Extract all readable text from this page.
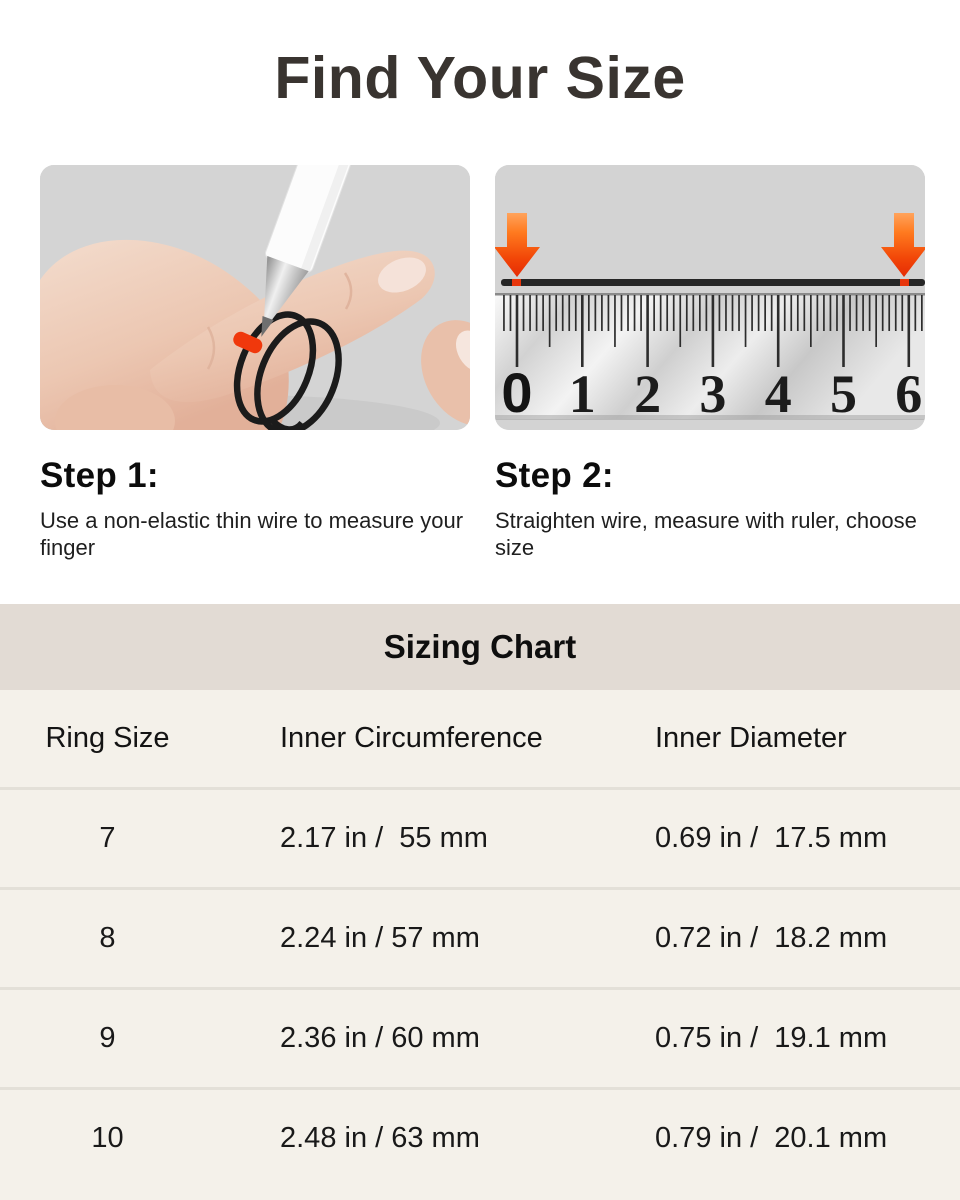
Find Your Size
0 1 2 3 4 5 6
Step 1:

Use a non-elastic thin wire to measure your finger

Step 2:

Straighten wire, measure with ruler, choose size

Sizing Chart
Ring Size	Inner Circumference	Inner Diameter
7	2.17 in /  55 mm	0.69 in /  17.5 mm
8	2.24 in / 57 mm	0.72 in /  18.2 mm
9	2.36 in / 60 mm	0.75 in /  19.1 mm
10	2.48 in / 63 mm	0.79 in /  20.1 mm
